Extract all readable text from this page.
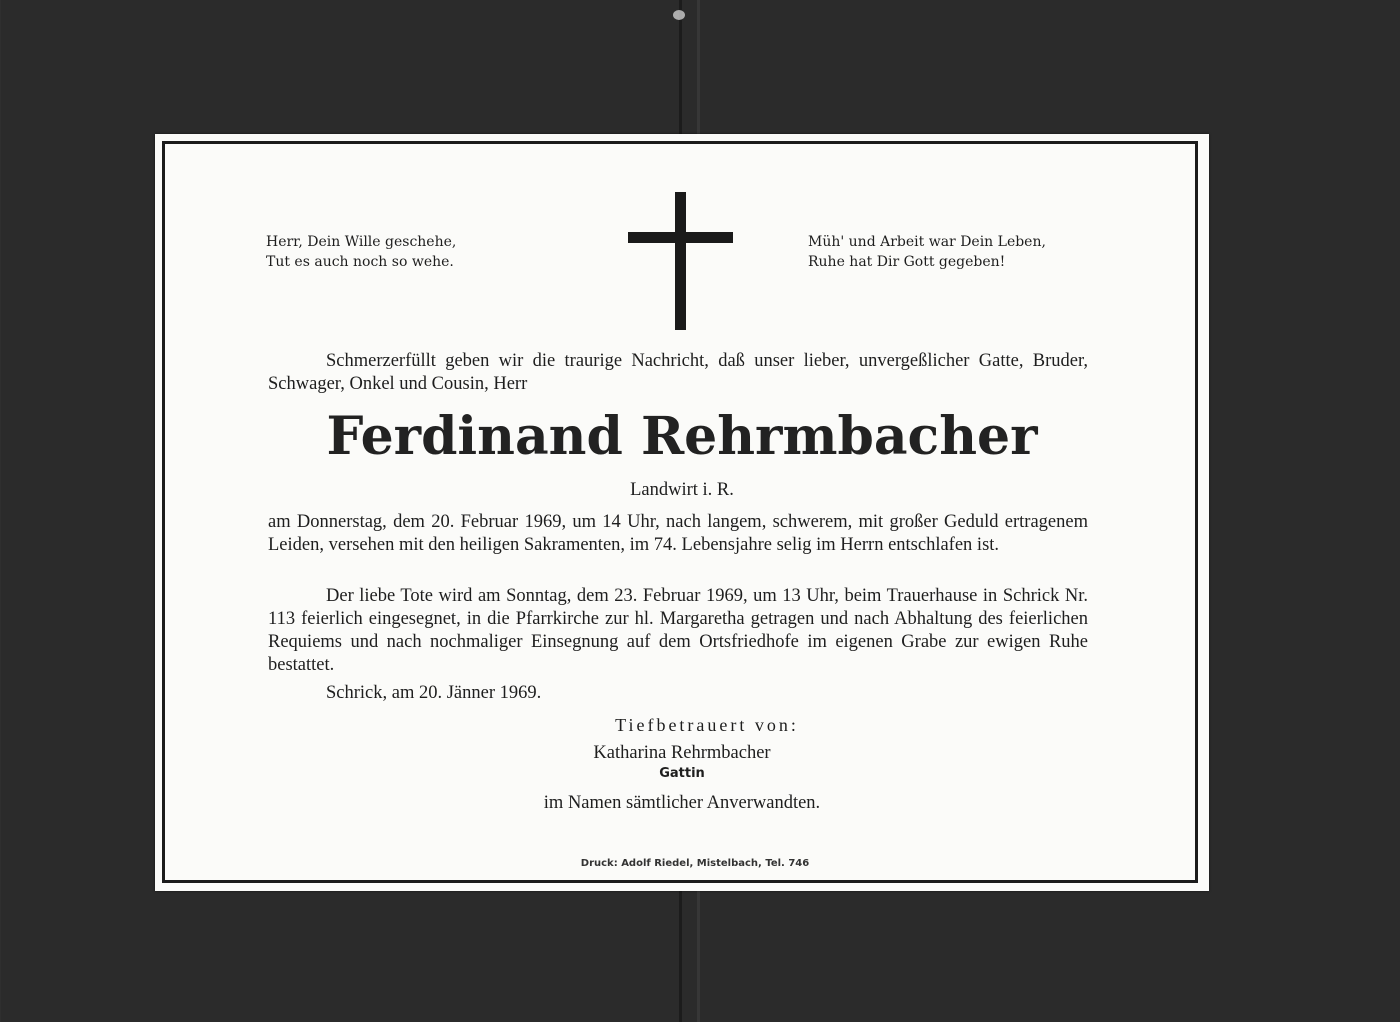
Herr, Dein Wille geschehe,
Tut es auch noch so wehe.
Müh' und Arbeit war Dein Leben,
Ruhe hat Dir Gott gegeben!
Schmerzerfüllt geben wir die traurige Nachricht, daß unser lieber, unvergeßlicher Gatte, Bruder, Schwager, Onkel und Cousin, Herr
Ferdinand Rehrmbacher
Landwirt i. R.
am Donnerstag, dem 20. Februar 1969, um 14 Uhr, nach langem, schwerem, mit großer Geduld ertragenem Leiden, versehen mit den heiligen Sakramenten, im 74. Lebensjahre selig im Herrn entschlafen ist.
Der liebe Tote wird am Sonntag, dem 23. Februar 1969, um 13 Uhr, beim Trauerhause in Schrick Nr. 113 feierlich eingesegnet, in die Pfarrkirche zur hl. Margaretha getragen und nach Abhaltung des feierlichen Requiems und nach nochmaliger Einsegnung auf dem Ortsfriedhofe im eigenen Grabe zur ewigen Ruhe bestattet.
Schrick, am 20. Jänner 1969.
Tiefbetrauert von:
Katharina Rehrmbacher
Gattin
im Namen sämtlicher Anverwandten.
Druck: Adolf Riedel, Mistelbach, Tel. 746
